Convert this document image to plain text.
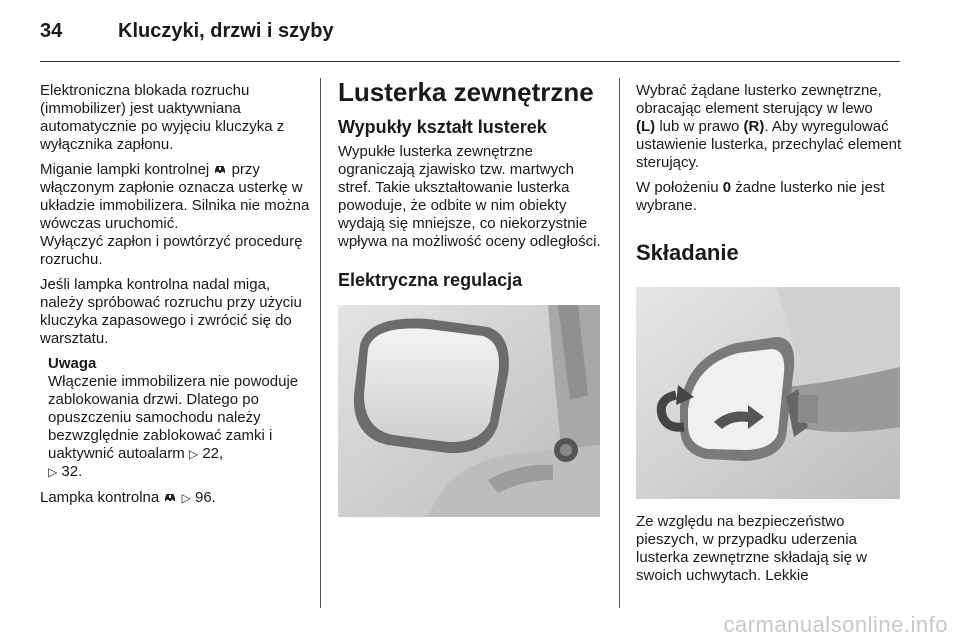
34	Kluczyki, drzwi i szyby

Elektroniczna blokada rozruchu (immobilizer) jest uaktywniana automatycznie po wyjęciu kluczyka z wyłącznika zapłonu.

Miganie lampki kontrolnej przy włączonym zapłonie oznacza usterkę w układzie immobilizera. Silnika nie można wówczas uruchomić.
Wyłączyć zapłon i powtórzyć procedurę rozruchu.

Jeśli lampka kontrolna nadal miga, należy spróbować rozruchu przy użyciu kluczyka zapasowego i zwrócić się do warsztatu.

Uwaga
Włączenie immobilizera nie powoduje zablokowania drzwi. Dlatego po opuszczeniu samochodu należy bezwzględnie zablokować zamki i uaktywnić autoalarm ▷ 22,
▷ 32.

Lampka kontrolna ▷ 96.

Lusterka zewnętrzne
Wypukły kształt lusterek

Wypukłe lusterka zewnętrzne ograniczają zjawisko tzw. martwych stref. Takie ukształtowanie lusterka powoduje, że odbite w nim obiekty wydają się mniejsze, co niekorzystnie wpływa na możliwość oceny odległości.

Elektryczna regulacja

Wybrać żądane lusterko zewnętrzne, obracając element sterujący w lewo
(L) lub w prawo (R). Aby wyregulować ustawienie lusterka, przechylać element sterujący.

W położeniu 0 żadne lusterko nie jest wybrane.

Składanie

Ze względu na bezpieczeństwo pieszych, w przypadku uderzenia lusterka zewnętrzne składają się w swoich uchwytach. Lekkie

carmanualsonline.info
